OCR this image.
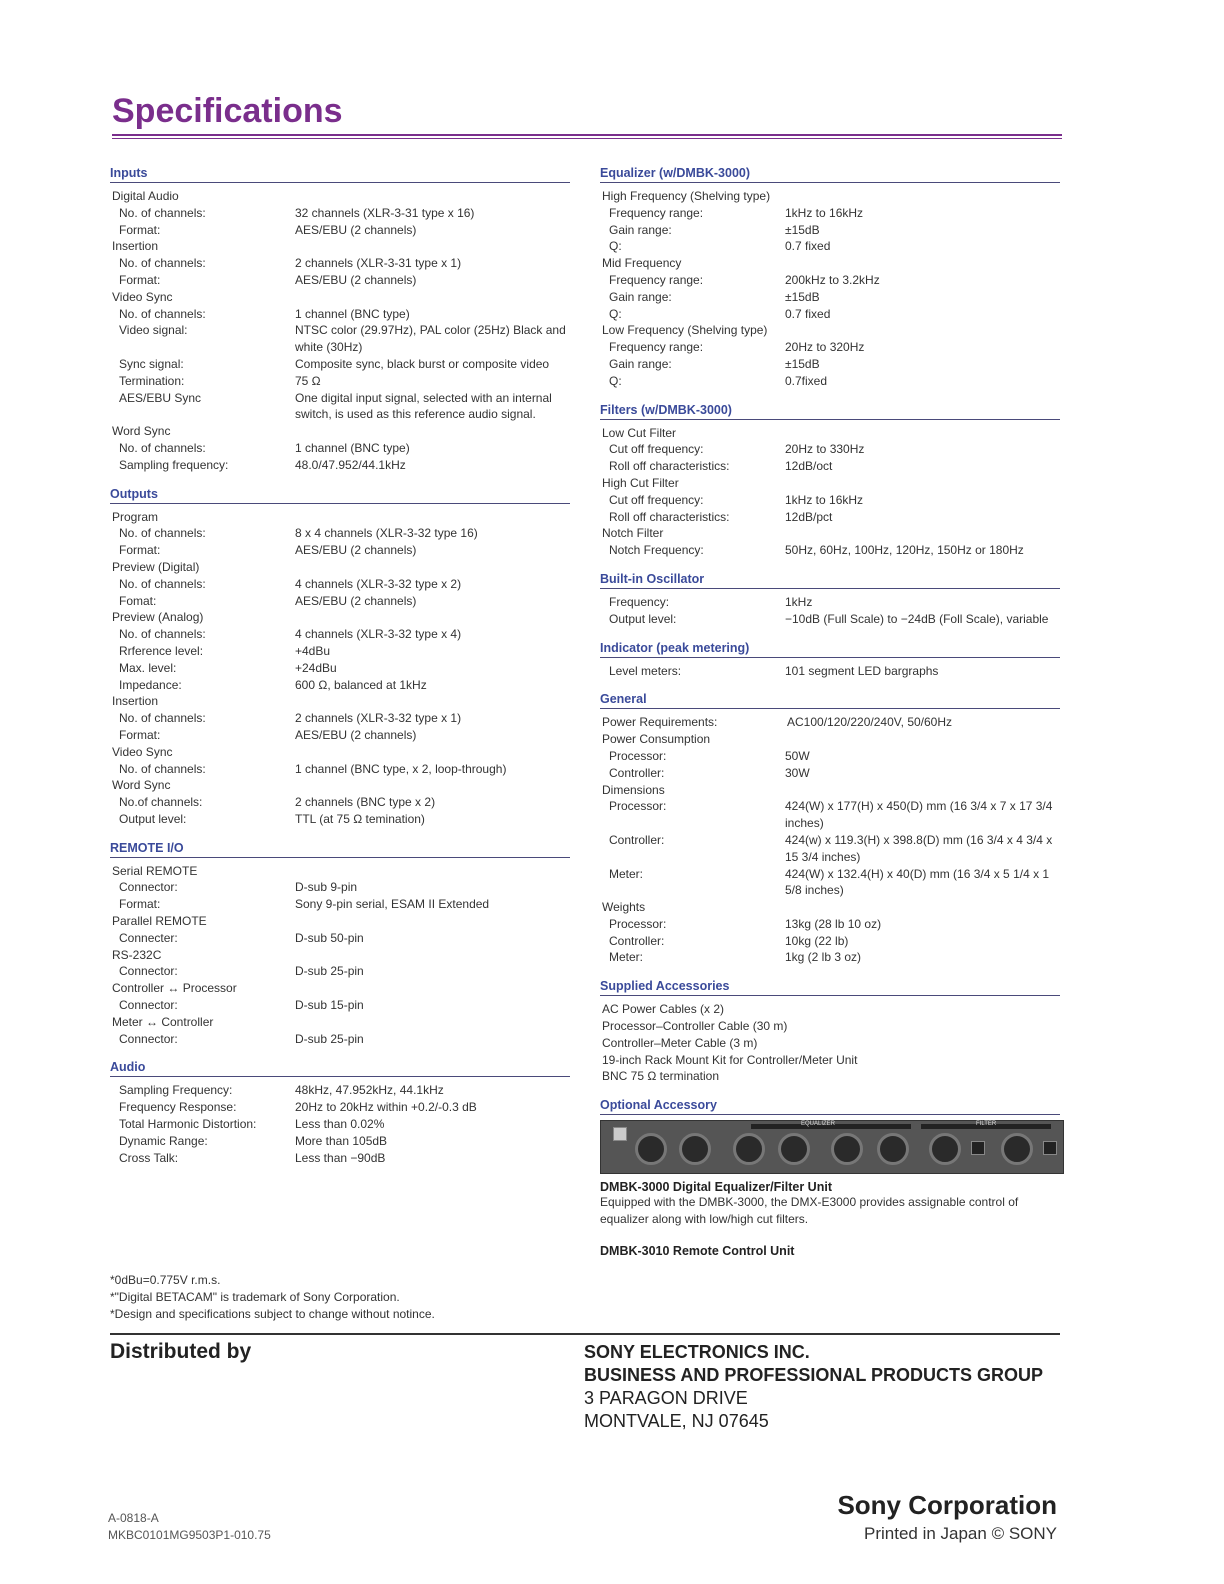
Specifications
Inputs
Digital Audio
No. of channels:	32 channels (XLR-3-31 type x 16)
Format:	AES/EBU (2 channels)
Insertion
No. of channels:	2 channels (XLR-3-31 type x 1)
Format:	AES/EBU (2 channels)
Video Sync
No. of channels:	1 channel (BNC type)
Video signal:	NTSC color (29.97Hz), PAL color (25Hz) Black and white (30Hz)
Sync signal:	Composite sync, black burst or composite video
Termination:	75 Ω
AES/EBU Sync	One digital input signal, selected with an internal switch, is used as this reference audio signal.
Word Sync
No. of channels:	1 channel (BNC type)
Sampling frequency:	48.0/47.952/44.1kHz
Outputs
Program
No. of channels:	8 x 4 channels (XLR-3-32 type 16)
Format:	AES/EBU (2 channels)
Preview (Digital)
No. of channels:	4 channels (XLR-3-32 type x 2)
Fomat:	AES/EBU (2 channels)
Preview (Analog)
No. of channels:	4 channels (XLR-3-32 type x 4)
Rrference level:	+4dBu
Max. level:	+24dBu
Impedance:	600 Ω, balanced at 1kHz
Insertion
No. of channels:	2 channels (XLR-3-32 type x 1)
Format:	AES/EBU (2 channels)
Video Sync
No. of channels:	1 channel (BNC type, x 2, loop-through)
Word Sync
No.of channels:	2 channels (BNC type x 2)
Output level:	TTL (at 75 Ω temination)
REMOTE I/O
Serial REMOTE
Connector:	D-sub 9-pin
Format:	Sony 9-pin serial, ESAM II Extended
Parallel REMOTE
Connecter:	D-sub 50-pin
RS-232C
Connector:	D-sub 25-pin
Controller ↔ Processor
Connector:	D-sub 15-pin
Meter ↔ Controller
Connector:	D-sub 25-pin
Audio
Sampling Frequency:	48kHz, 47.952kHz, 44.1kHz
Frequency Response:	20Hz to 20kHz within +0.2/-0.3 dB
Total Harmonic Distortion:	Less than 0.02%
Dynamic Range:	More than 105dB
Cross Talk:	Less than −90dB
Equalizer (w/DMBK-3000)
High Frequency (Shelving type)
Frequency range:	1kHz to 16kHz
Gain range:	±15dB
Q:	0.7 fixed
Mid Frequency
Frequency range:	200kHz to 3.2kHz
Gain range:	±15dB
Q:	0.7 fixed
Low Frequency (Shelving type)
Frequency range:	20Hz to 320Hz
Gain range:	±15dB
Q:	0.7fixed
Filters (w/DMBK-3000)
Low Cut Filter
Cut off frequency:	20Hz to 330Hz
Roll off characteristics:	12dB/oct
High Cut Filter
Cut off frequency:	1kHz to 16kHz
Roll off characteristics:	12dB/pct
Notch Filter
Notch Frequency:	50Hz, 60Hz, 100Hz, 120Hz, 150Hz or 180Hz
Built-in Oscillator
Frequency:	1kHz
Output level:	−10dB (Full Scale) to −24dB (Foll Scale), variable
Indicator (peak metering)
Level meters:	101 segment LED bargraphs
General
Power Requirements:	AC100/120/220/240V, 50/60Hz
Power Consumption
Processor:	50W
Controller:	30W
Dimensions
Processor:	424(W) x 177(H) x 450(D) mm (16 3/4 x 7 x 17 3/4 inches)
Controller:	424(w) x 119.3(H) x 398.8(D) mm (16 3/4 x 4 3/4 x 15 3/4 inches)
Meter:	424(W) x 132.4(H) x 40(D) mm (16 3/4 x 5 1/4 x 1 5/8 inches)
Weights
Processor:	13kg (28 lb 10 oz)
Controller:	10kg (22 lb)
Meter:	1kg (2 lb 3 oz)
Supplied Accessories
AC Power Cables (x 2)
Processor–Controller Cable (30 m)
Controller–Meter Cable (3 m)
19-inch Rack Mount Kit for Controller/Meter Unit
BNC 75 Ω termination
Optional Accessory
EQUALIZER	FILTER
DMBK-3000 Digital Equalizer/Filter Unit
Equipped with the DMBK-3000, the DMX-E3000 provides assignable control of equalizer along with low/high cut filters.
DMBK-3010 Remote Control Unit
*0dBu=0.775V r.m.s.
*"Digital BETACAM" is trademark of Sony Corporation.
*Design and specifications subject to change without notince.
Distributed by	SONY ELECTRONICS INC.
BUSINESS AND PROFESSIONAL PRODUCTS GROUP
3 PARAGON DRIVE
MONTVALE, NJ 07645
A-0818-A
MKBC0101MG9503P1-010.75
Sony Corporation
Printed in Japan © SONY
